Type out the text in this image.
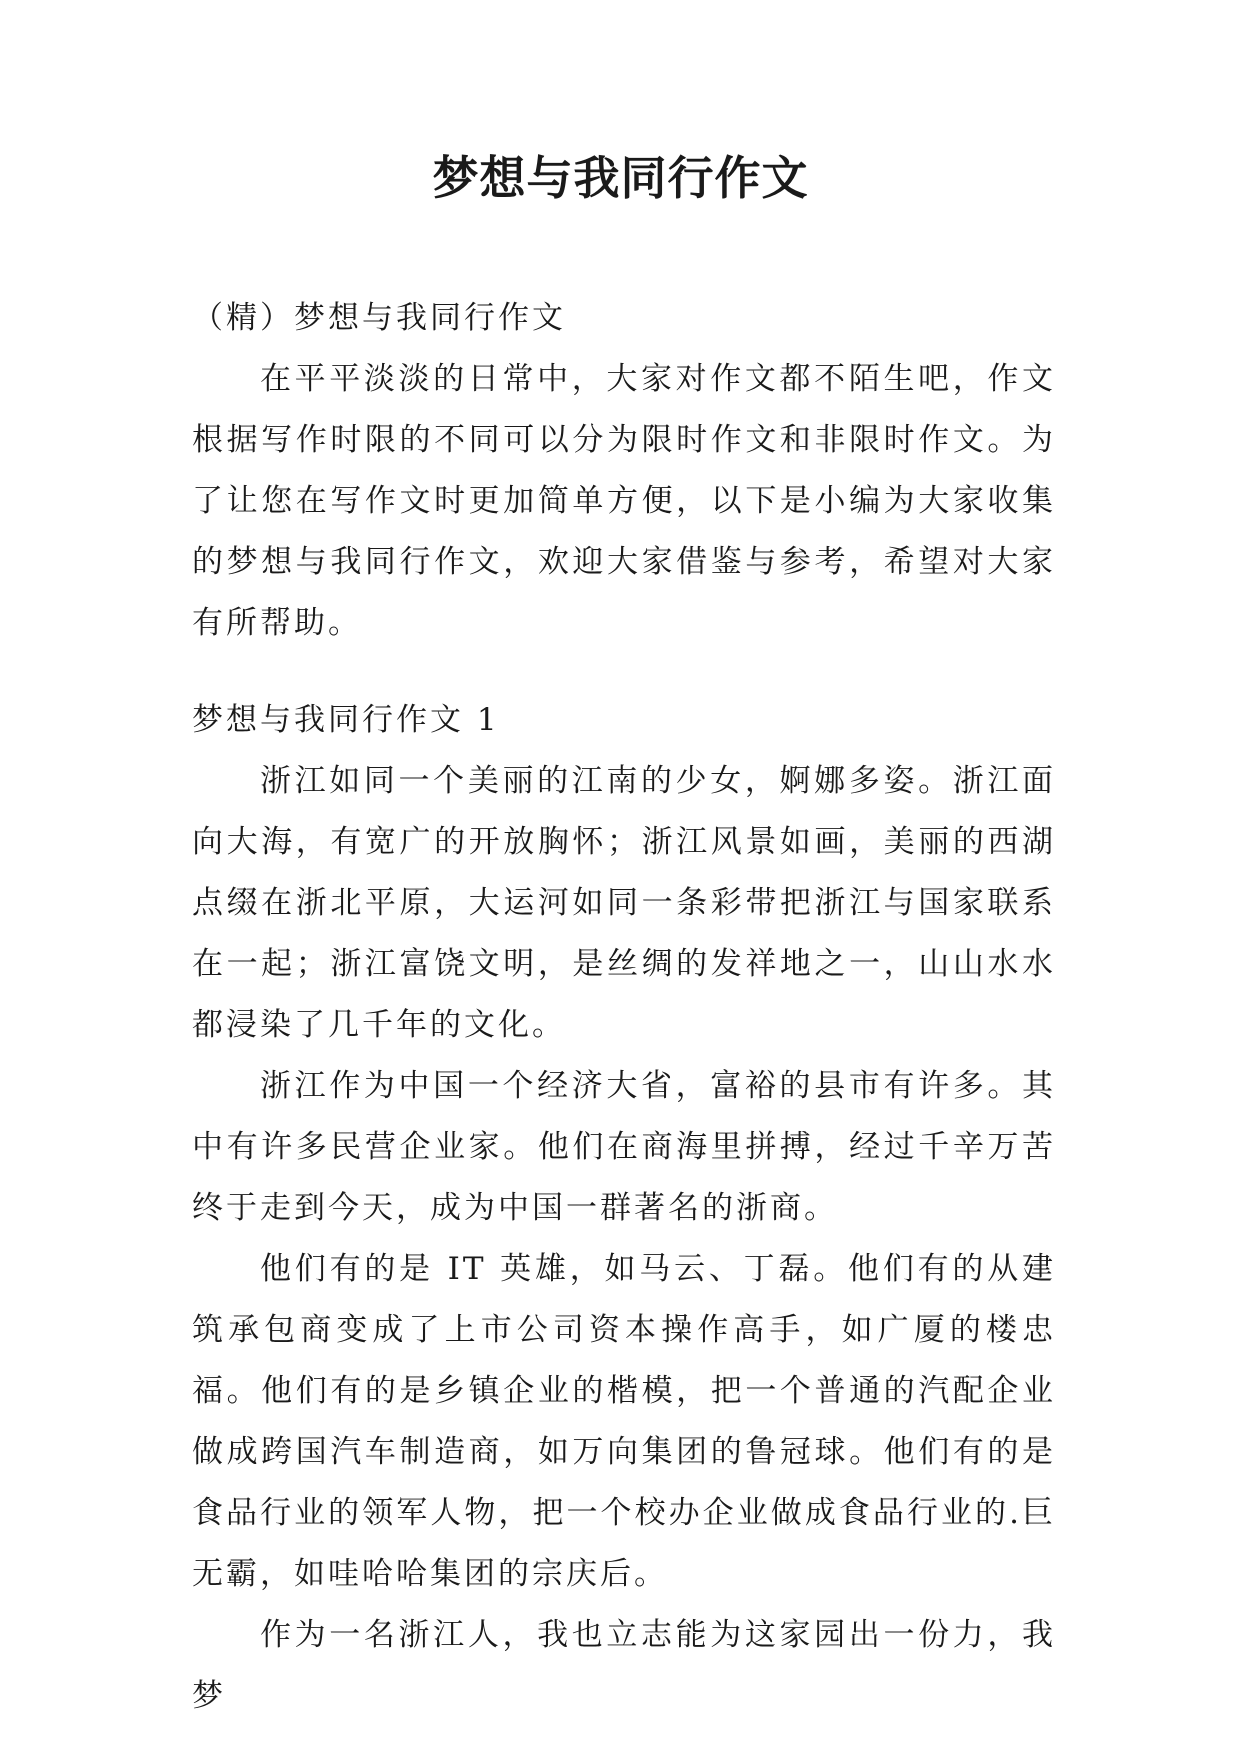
梦想与我同行作文

（精）梦想与我同行作文

在平平淡淡的日常中，大家对作文都不陌生吧，作文根据写作时限的不同可以分为限时作文和非限时作文。为了让您在写作文时更加简单方便，以下是小编为大家收集的梦想与我同行作文，欢迎大家借鉴与参考，希望对大家有所帮助。

梦想与我同行作文 1

浙江如同一个美丽的江南的少女，婀娜多姿。浙江面向大海，有宽广的开放胸怀；浙江风景如画，美丽的西湖点缀在浙北平原，大运河如同一条彩带把浙江与国家联系在一起；浙江富饶文明，是丝绸的发祥地之一，山山水水都浸染了几千年的文化。

浙江作为中国一个经济大省，富裕的县市有许多。其中有许多民营企业家。他们在商海里拼搏，经过千辛万苦终于走到今天，成为中国一群著名的浙商。

他们有的是 IT 英雄，如马云、丁磊。他们有的从建筑承包商变成了上市公司资本操作高手，如广厦的楼忠福。他们有的是乡镇企业的楷模，把一个普通的汽配企业做成跨国汽车制造商，如万向集团的鲁冠球。他们有的是食品行业的领军人物，把一个校办企业做成食品行业的.巨无霸，如哇哈哈集团的宗庆后。

作为一名浙江人，我也立志能为这家园出一份力，我梦
